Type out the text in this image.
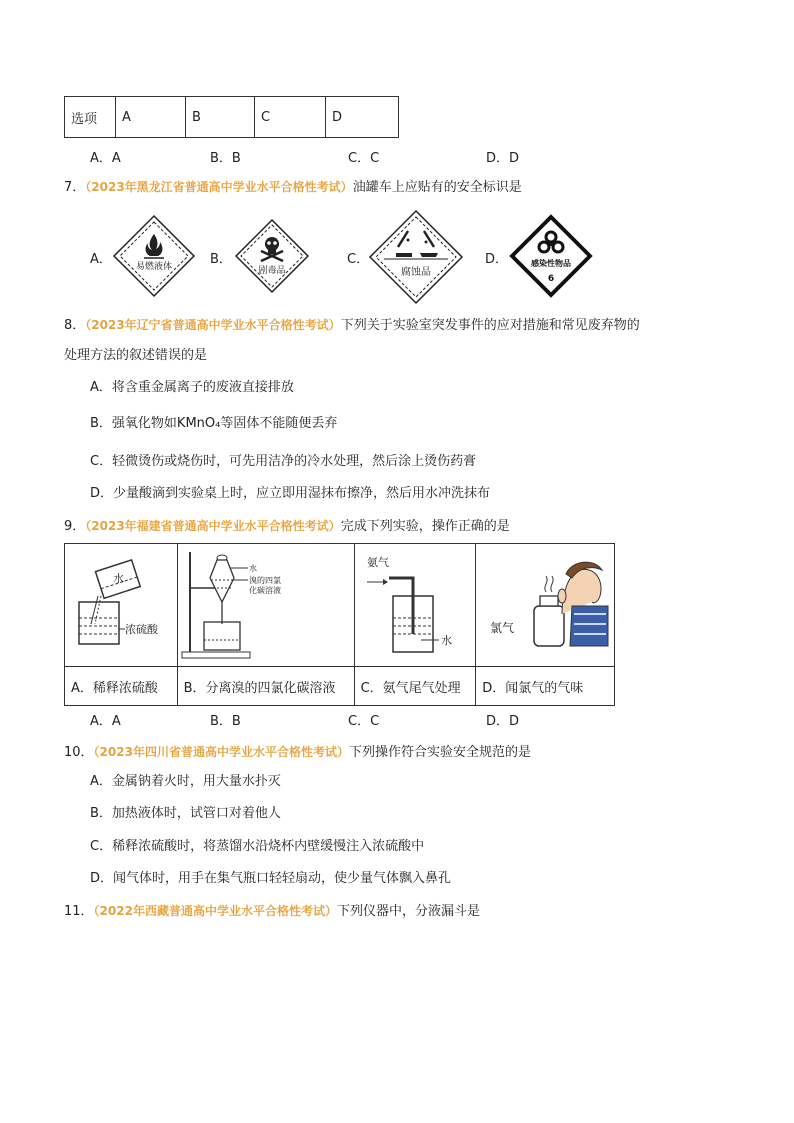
选项	A	B	C	D
A．A	B．B	C．C	D．D
7．（2023年黑龙江省普通高中学业水平合格性考试）油罐车上应贴有的安全标识是
A．	B．	C．	D．
易燃液体	剧毒品	腐蚀品
感染性物品
6
8．（2023年辽宁省普通高中学业水平合格性考试）下列关于实验室突发事件的应对措施和常见废弃物的
处理方法的叙述错误的是
A．将含重金属离子的废液直接排放
B．强氧化物如KMnO₄等固体不能随便丢弃
C．轻微烫伤或烧伤时，可先用洁净的冷水处理，然后涂上烫伤药膏
D．少量酸滴到实验桌上时，应立即用湿抹布擦净，然后用水冲洗抹布
9．（2023年福建省普通高中学业水平合格性考试）完成下列实验，操作正确的是
水
浓硫酸	水
溴的四氯
化碳溶液	氨气
水	氯气

A．稀释浓硫酸	B．分离溴的四氯化碳溶液	C．氨气尾气处理	D．闻氯气的气味
A．A	B．B	C．C	D．D
10．（2023年四川省普通高中学业水平合格性考试）下列操作符合实验安全规范的是
A．金属钠着火时，用大量水扑灭
B．加热液体时，试管口对着他人
C．稀释浓硫酸时，将蒸馏水沿烧杯内壁缓慢注入浓硫酸中
D．闻气体时，用手在集气瓶口轻轻扇动，使少量气体飘入鼻孔
11．（2022年西藏普通高中学业水平合格性考试）下列仪器中，分液漏斗是
